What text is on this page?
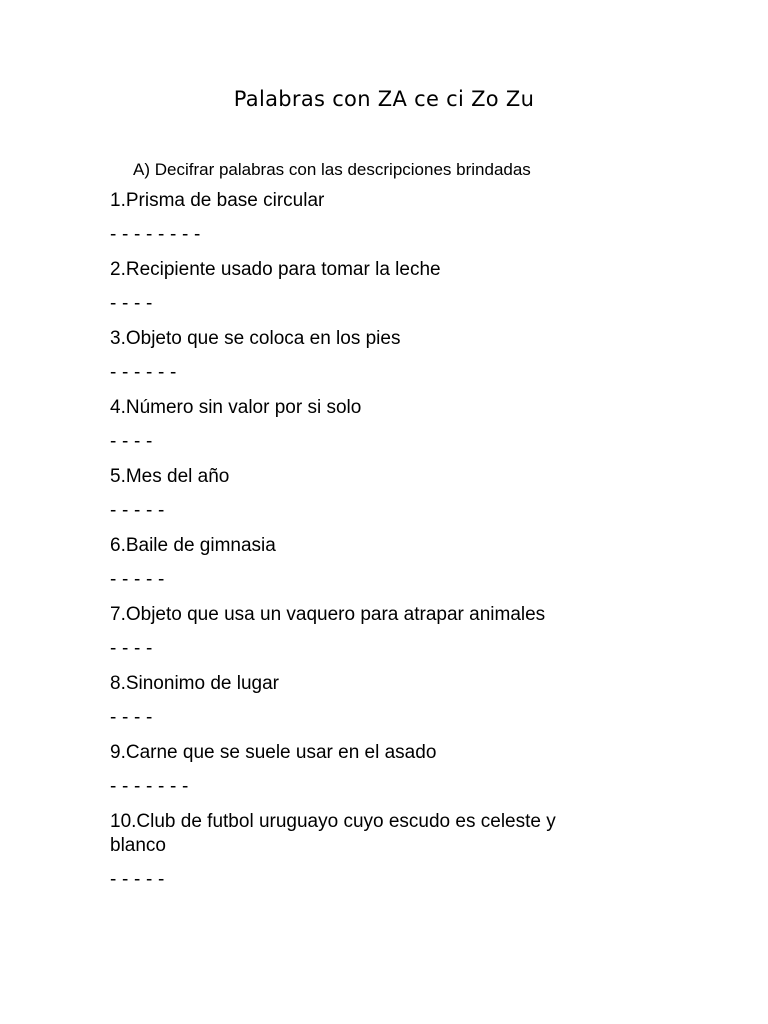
Palabras con ZA ce ci Zo Zu
A) Decifrar palabras con las descripciones brindadas
1.Prisma de base circular
- - - - - - - -
2.Recipiente usado para tomar la leche
- - - -
3.Objeto que se coloca en los pies
- - - - - -
4.Número sin valor por si solo
- - - -
5.Mes del año
- - - - -
6.Baile de gimnasia
- - - - -
7.Objeto que usa un vaquero para atrapar animales
- - - -
8.Sinonimo de lugar
- - - -
9.Carne que se suele usar en el asado
- - - - - - -
10.Club de futbol uruguayo cuyo escudo es celeste y blanco
- - - - -
